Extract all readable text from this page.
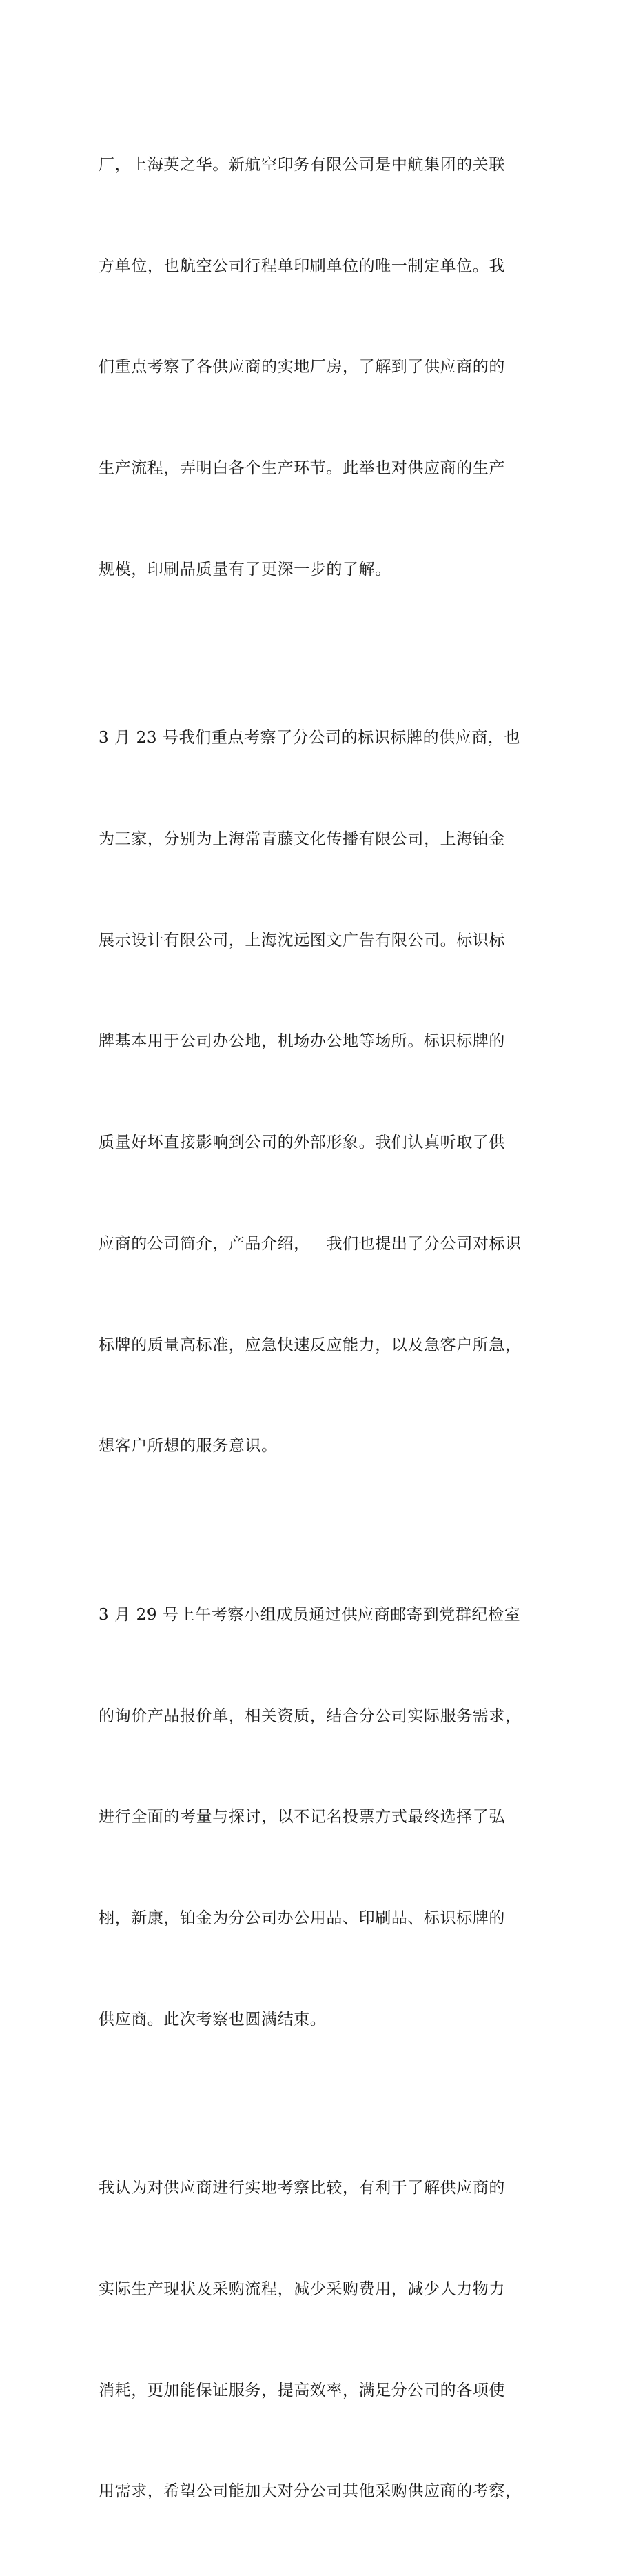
厂，上海英之华。新航空印务有限公司是中航集团的关联

方单位，也航空公司行程单印刷单位的唯一制定单位。我

们重点考察了各供应商的实地厂房，了解到了供应商的的

生产流程，弄明白各个生产环节。此举也对供应商的生产

规模，印刷品质量有了更深一步的了解。

3 月 23 号我们重点考察了分公司的标识标牌的供应商，也

为三家，分别为上海常青藤文化传播有限公司，上海铂金

展示设计有限公司，上海沈远图文广告有限公司。标识标

牌基本用于公司办公地，机场办公地等场所。标识标牌的

质量好坏直接影响到公司的外部形象。我们认真听取了供

应商的公司简介，产品介绍，   我们也提出了分公司对标识

标牌的质量高标准，应急快速反应能力，以及急客户所急，

想客户所想的服务意识。

3 月 29 号上午考察小组成员通过供应商邮寄到党群纪检室

的询价产品报价单，相关资质，结合分公司实际服务需求，

进行全面的考量与探讨，以不记名投票方式最终选择了弘

栩，新康，铂金为分公司办公用品、印刷品、标识标牌的

供应商。此次考察也圆满结束。

我认为对供应商进行实地考察比较，有利于了解供应商的

实际生产现状及采购流程，减少采购费用，减少人力物力

消耗，更加能保证服务，提高效率，满足分公司的各项使

用需求，希望公司能加大对分公司其他采购供应商的考察，
